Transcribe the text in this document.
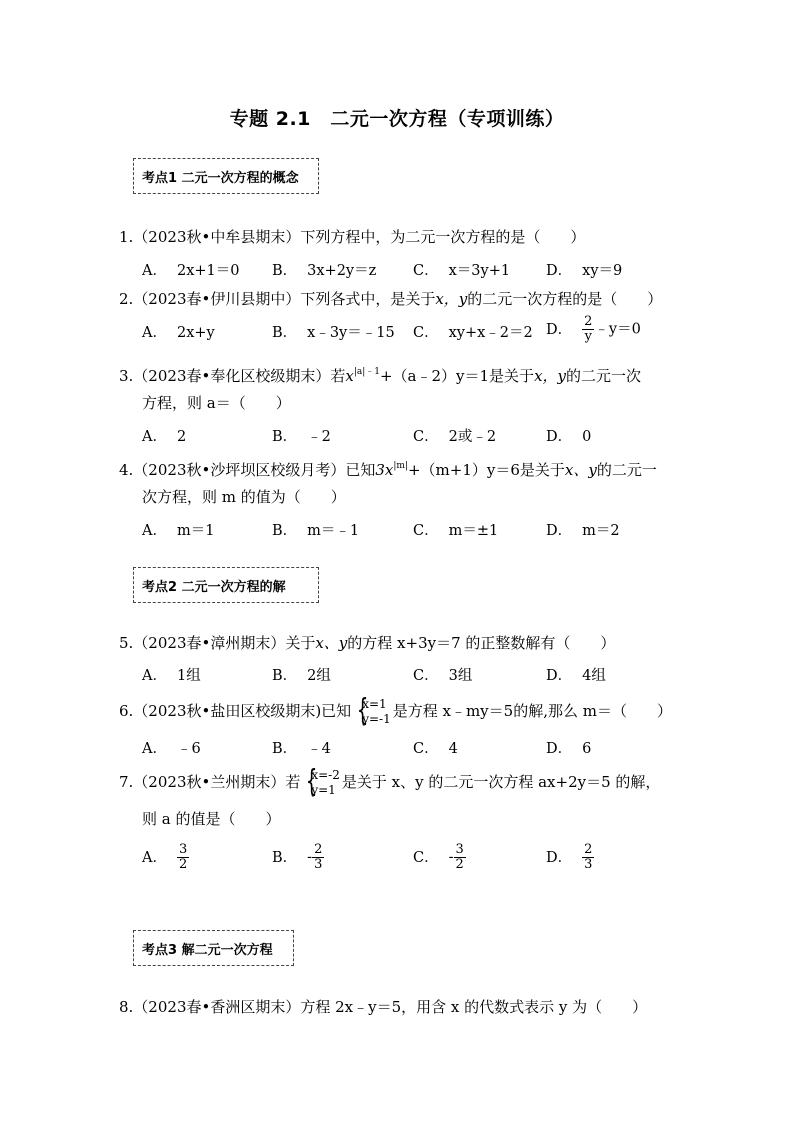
专题 2.1　二元一次方程（专项训练）
考点1 二元一次方程的概念
1.（2023秋•中牟县期末）下列方程中，为二元一次方程的是（　　）
A． 2x+1＝0 B． 3x+2y＝z	C． x＝3y+1 D． xy＝9
2.（2023春•伊川县期中）下列各式中，是关于x，y的二元一次方程的是（　　）
A． 2x+y	B． x﹣3y＝﹣15 C． xy+x﹣2＝2 D． $\frac{2}{y}$ ﹣y＝0
3.（2023春•奉化区校级期末）若$x^{|a|﹣1}+(a﹣2)y=1$是关于x，y的二元一次
方程，则 a＝（　　）
A． 2	B． ﹣2	C． 2或﹣2	D． 0
4.（2023秋•沙坪坝区校级月考）已知$3x^{|m|}+(m+1)y=6$是关于x、y的二元一
次方程，则 m 的值为（　　）
A． m＝1	B． m＝﹣1	C． m＝±1	D． m＝2
考点2 二元一次方程的解
5.（2023春•漳州期末）关于x、y的方程 x+3y＝7 的正整数解有（　　）
A． 1组	B． 2组	C． 3组	D． 4组
6.（2023秋•盐田区校级期末)已知 {
x=1
y=-1 是方程 x﹣my＝5的解,那么 m＝（　　）
A． ﹣6	B． ﹣4	C． 4	D． 6
7.（2023秋•兰州期末）若 {
x=-2
y=1 是关于 x、y 的二元一次方程 ax+2y＝5 的解，
则 a 的值是（　　）
A． $\frac{3}{2}$	B． - $\frac{2}{3}$	C． - $\frac{3}{2}$	D． $\frac{2}{3}$
考点3 解二元一次方程
8.（2023春•香洲区期末）方程 2x﹣y＝5，用含 x 的代数式表示 y 为（　　）
